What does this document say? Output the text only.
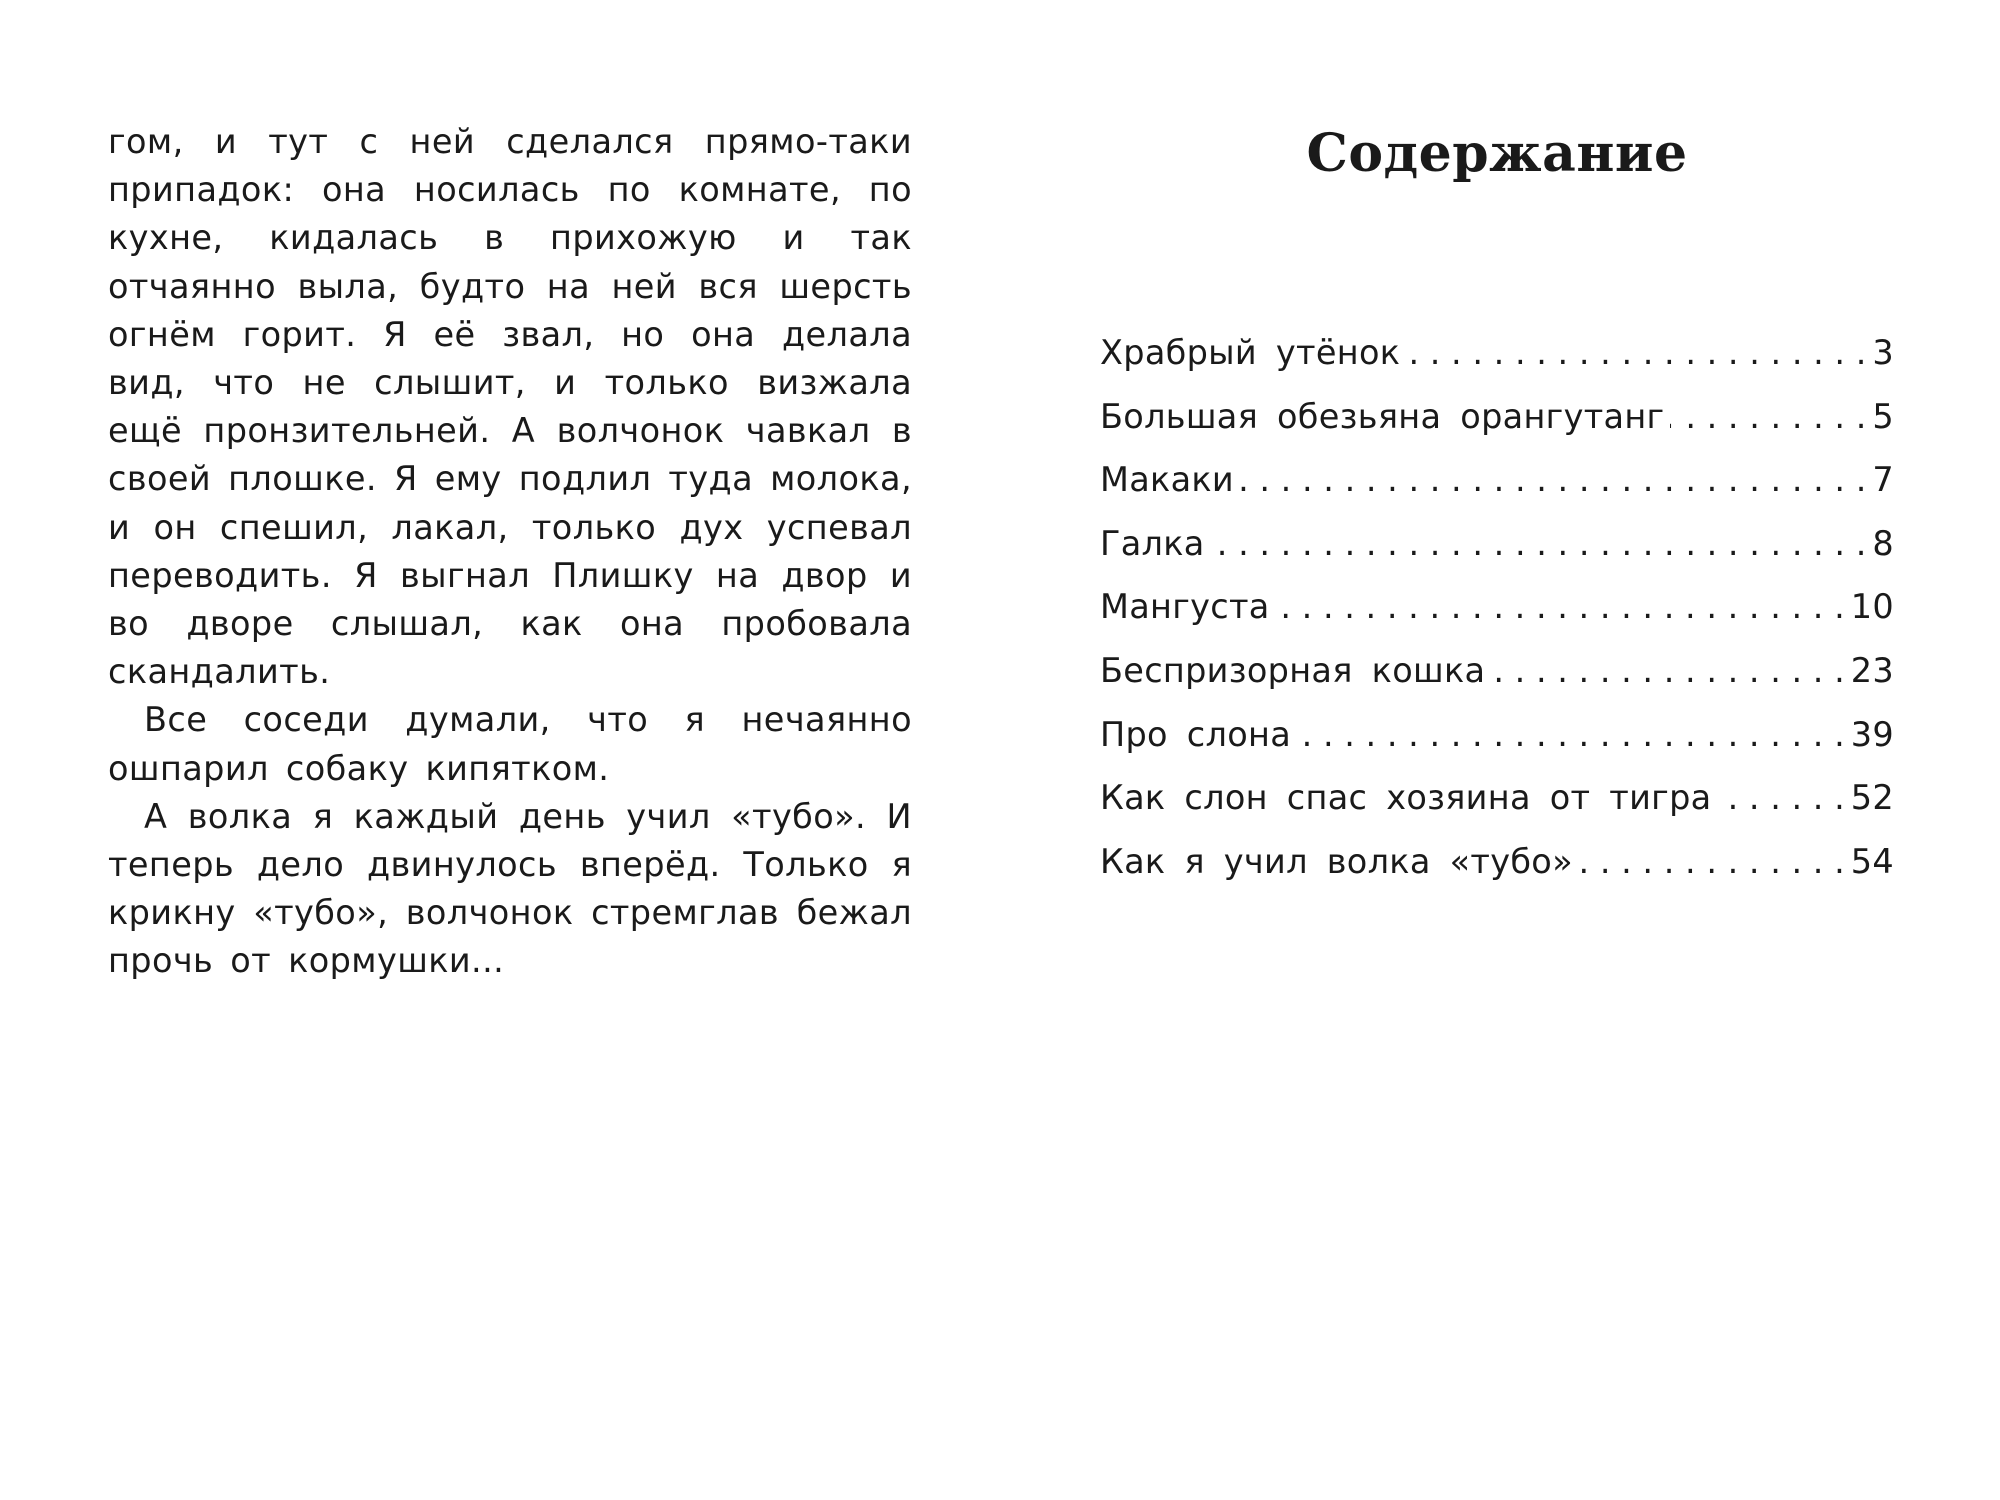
гом, и тут с ней сделался прямо-таки припадок: она носилась по комнате, по кухне, кидалась в прихожую и так отчаянно выла, будто на ней вся шерсть огнём горит. Я её звал, но она делала вид, что не слышит, и только визжала ещё пронзительней. А волчонок чавкал в своей плошке. Я ему подлил туда молока, и он спешил, лакал, только дух успевал переводить. Я выгнал Плишку на двор и во дворе слышал, как она пробовала скандалить.

Все соседи думали, что я нечаянно ошпарил собаку кипятком.

А волка я каждый день учил «тубо». И теперь дело двинулось вперёд. Только я крикну «тубо», волчонок стремглав бежал прочь от кормушки...

Содержание
Храбрый утёнок . . .	3
Большая обезьяна орангутанг . . .	5
Макаки . . .	7
Галка . . .	8
Мангуста . . .	10
Беспризорная кошка . . .	23
Про слона . . .	39
Как слон спас хозяина от тигра . . .	52
Как я учил волка «тубо» . . .	54
